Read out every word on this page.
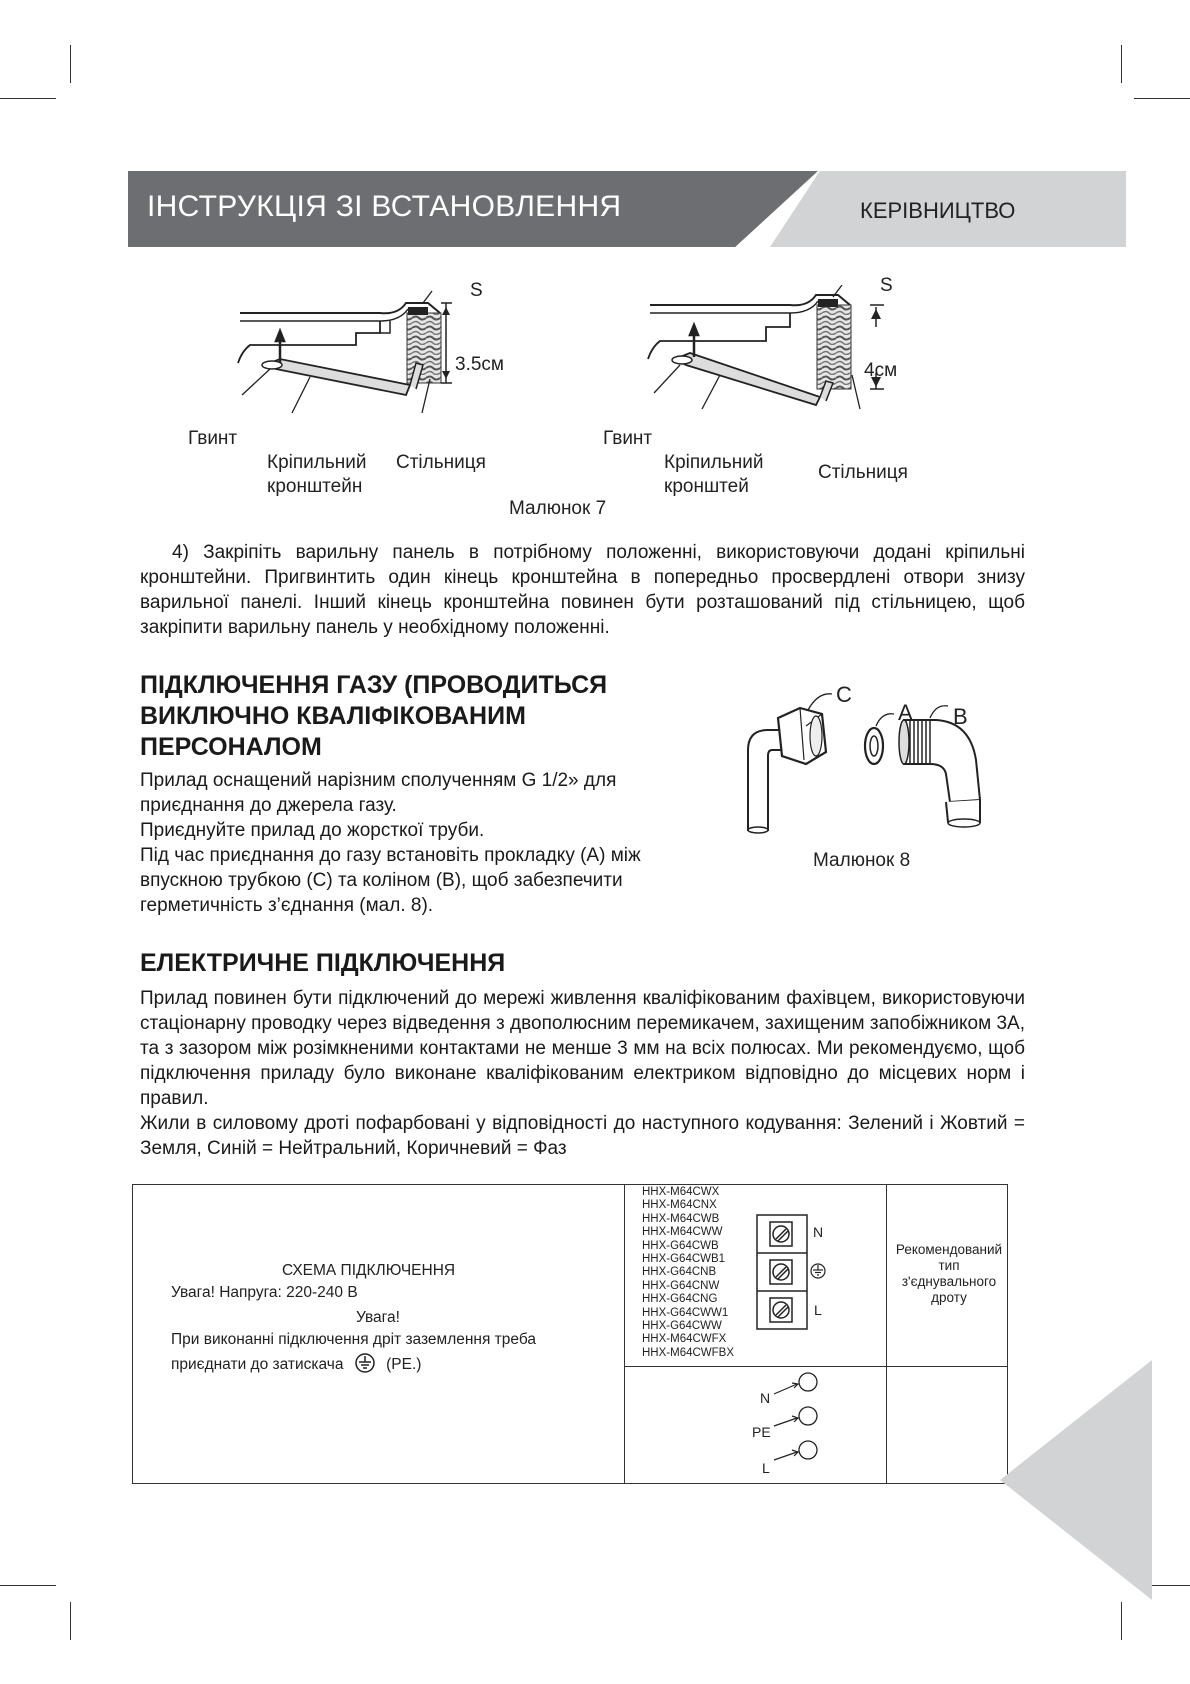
ІНСТРУКЦІЯ ЗІ ВСТАНОВЛЕННЯ	КЕРІВНИЦТВО
S
3.5см
Гвинт
Кріпильний
кронштейн
Стільниця
S
4см
Гвинт
Кріпильний
кронштей
Стільниця
Малюнок 7
4) Закріпіть варильну панель в потрібному положенні, використовуючи додані кріпильні кронштейни. Пригвинтить один кінець кронштейна в попередньо просвердлені отвори знизу варильної панелі. Інший кінець кронштейна повинен бути розташований під стільницею, щоб закріпити варильну панель у необхідному положенні.
ПІДКЛЮЧЕННЯ ГАЗУ (ПРОВОДИТЬСЯ
ВИКЛЮЧНО КВАЛІФІКОВАНИМ
ПЕРСОНАЛОМ
Прилад оснащений нарізним сполученням G 1/2» для
приєднання до джерела газу.
Приєднуйте прилад до жорсткої труби.
Під час приєднання до газу встановіть прокладку (A) між
впускною трубкою (C) та коліном (B), щоб забезпечити
герметичність з’єднання (мал. 8).
C
A B
Малюнок 8
ЕЛЕКТРИЧНЕ ПІДКЛЮЧЕННЯ
Прилад повинен бути підключений до мережі живлення кваліфікованим фахівцем, використовуючи стаціонарну проводку через відведення з двополюсним перемикачем, захищеним запобіжником 3А, та з зазором між розімкненими контактами не менше 3 мм на всіх полюсах. Ми рекомендуємо, щоб підключення приладу було виконане кваліфікованим електриком відповідно до місцевих норм і правил.
Жили в силовому дроті пофарбовані у відповідності до наступного кодування: Зелений і Жовтий = Земля, Синій = Нейтральний, Коричневий = Фаз
СХЕМА ПІДКЛЮЧЕННЯ
Увага! Напруга: 220-240 В
Увага!
При виконанні підключення дріт заземлення треба
приєднати до затискача	(PE.)
HHX-M64CWX
HHX-M64CNX
HHX-M64CWB
HHX-M64CWW
HHX-G64CWB
HHX-G64CWB1
HHX-G64CNB
HHX-G64CNW
HHX-G64CNG
HHX-G64CWW1
HHX-G64CWW
HHX-M64CWFX
HHX-M64CWFBX
N
L
Рекомендований тип з'єднувального дроту
N
PE
L
